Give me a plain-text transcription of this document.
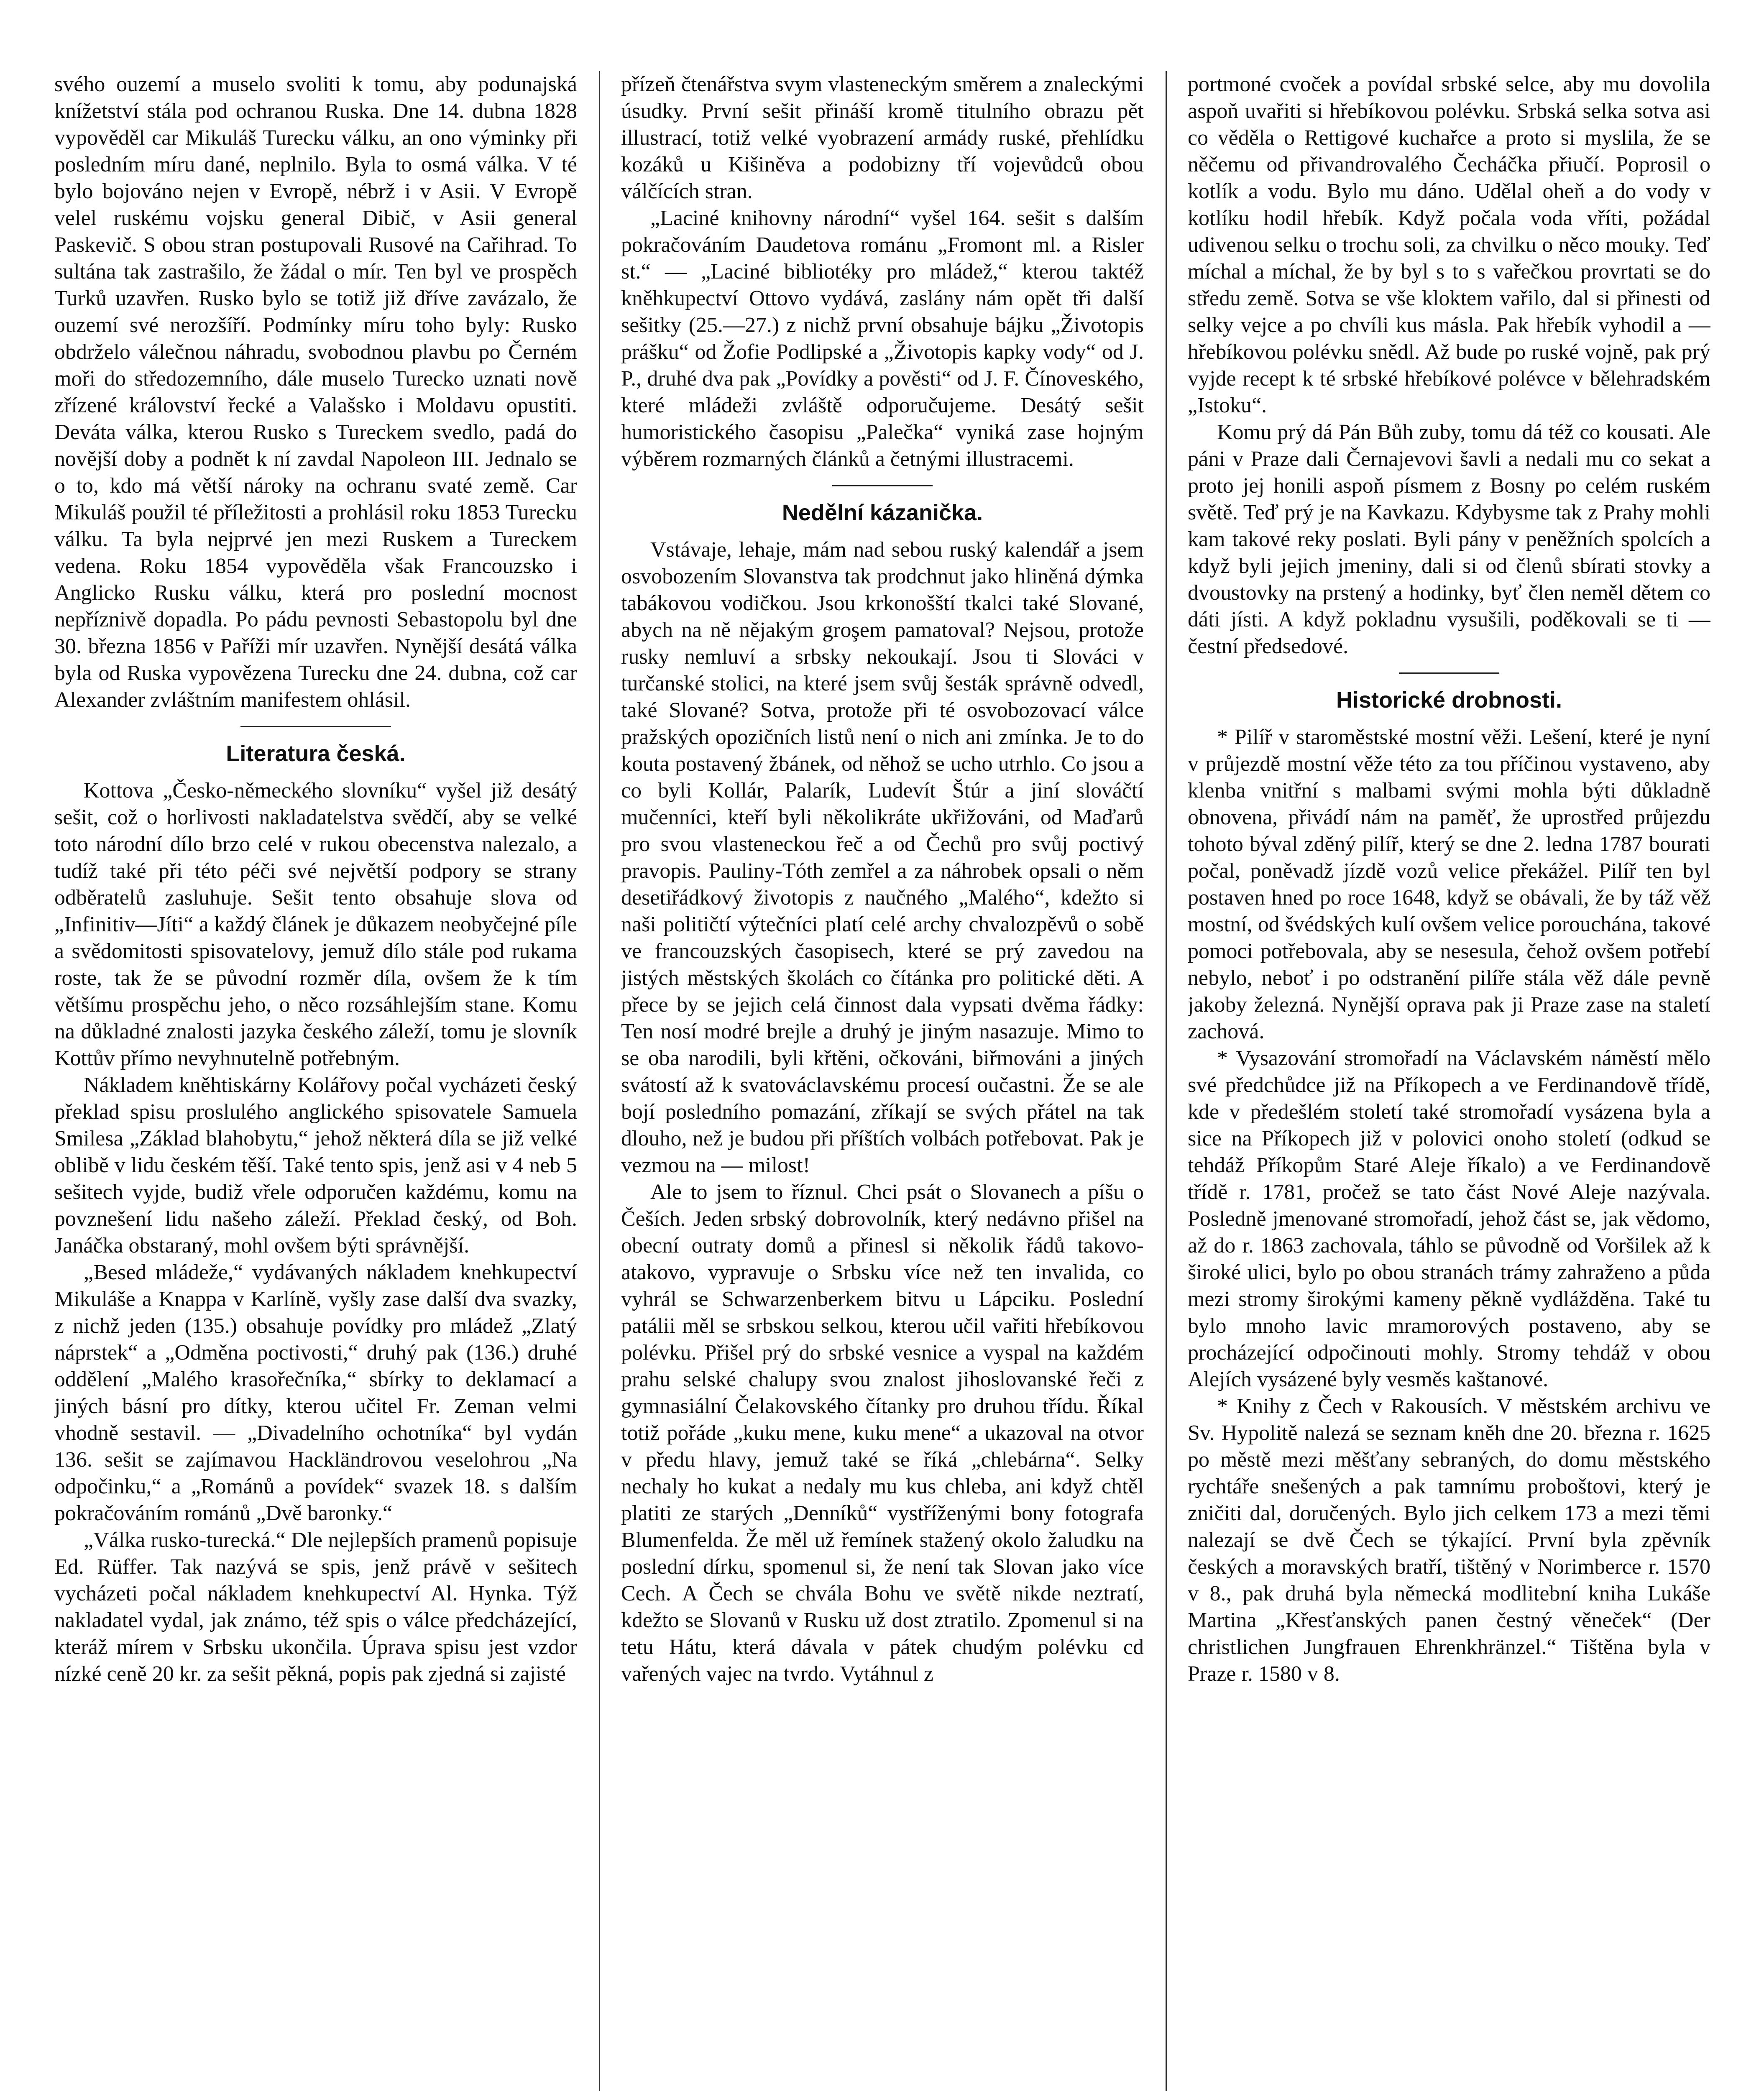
svého ouzemí a muselo svoliti k tomu, aby podunajská knížetství stála pod ochranou Ruska. Dne 14. dubna 1828 vypověděl car Mikuláš Turecku válku, an ono výminky při posledním míru dané, neplnilo. Byla to osmá válka. V té bylo bojováno nejen v Evropě, nébrž i v Asii. V Evropě velel ruskému vojsku general Dibič, v Asii general Paskevič. S obou stran postupovali Rusové na Cařihrad. To sultána tak zastrašilo, že žádal o mír. Ten byl ve prospěch Turků uzavřen. Rusko bylo se totiž již dříve zavázalo, že ouzemí své nerozšíří. Podmínky míru toho byly: Rusko obdrželo válečnou náhradu, svobodnou plavbu po Černém moři do středozemního, dále muselo Turecko uznati nově zřízené království řecké a Valašsko i Moldavu opustiti. Deváta válka, kterou Rusko s Tureckem svedlo, padá do novější doby a podnět k ní zavdal Napoleon III. Jednalo se o to, kdo má větší nároky na ochranu svaté země. Car Mikuláš použil té příležitosti a prohlásil roku 1853 Turecku válku. Ta byla nejprvé jen mezi Ruskem a Tureckem vedena. Roku 1854 vypověděla však Francouzsko i Anglicko Rusku válku, která pro poslední mocnost nepříznivě dopadla. Po pádu pevnosti Sebastopolu byl dne 30. března 1856 v Paříži mír uzavřen. Nynější desátá válka byla od Ruska vypovězena Turecku dne 24. dubna, což car Alexander zvláštním manifestem ohlásil.

Literatura česká.

Kottova „Česko-německého slovníku“ vyšel již desátý sešit, což o horlivosti nakladatelstva svědčí, aby se velké toto národní dílo brzo celé v rukou obecenstva nalezalo, a tudíž také při této péči své největší podpory se strany odběratelů zasluhuje. Sešit tento obsahuje slova od „Infinitiv—Jíti“ a každý článek je důkazem neobyčejné píle a svědomitosti spisovatelovy, jemuž dílo stále pod rukama roste, tak že se původní rozměr díla, ovšem že k tím většímu prospěchu jeho, o něco rozsáhlejším stane. Komu na důkladné znalosti jazyka českého záleží, tomu je slovník Kottův přímo nevyhnutelně potřebným.

Nákladem kněhtiskárny Kolářovy počal vycházeti český překlad spisu proslulého anglického spisovatele Samuela Smilesa „Základ blahobytu,“ jehož některá díla se již velké oblibě v lidu českém těší. Také tento spis, jenž asi v 4 neb 5 sešitech vyjde, budiž vřele odporučen každému, komu na povznešení lidu našeho záleží. Překlad český, od Boh. Janáčka obstaraný, mohl ovšem býti správnější.

„Besed mládeže,“ vydávaných nákladem knehkupectví Mikuláše a Knappa v Karlíně, vyšly zase další dva svazky, z nichž jeden (135.) obsahuje povídky pro mládež „Zlatý náprstek“ a „Odměna poctivosti,“ druhý pak (136.) druhé oddělení „Malého krasořečníka,“ sbírky to deklamací a jiných básní pro dítky, kterou učitel Fr. Zeman velmi vhodně sestavil. — „Divadelního ochotníka“ byl vydán 136. sešit se zajímavou Hackländrovou veselohrou „Na odpočinku,“ a „Románů a povídek“ svazek 18. s dalším pokračováním románů „Dvě baronky.“

„Válka rusko-turecká.“ Dle nejlepších pramenů popisuje Ed. Rüffer. Tak nazývá se spis, jenž právě v sešitech vycházeti počal nákladem knehkupectví Al. Hynka. Týž nakladatel vydal, jak známo, též spis o válce předcházející, kteráž mírem v Srbsku ukončila. Úprava spisu jest vzdor nízké ceně 20 kr. za sešit pěkná, popis pak zjedná si zajisté

přízeň čtenářstva svym vlasteneckým směrem a znaleckými úsudky. První sešit přináší kromě titulního obrazu pět illustrací, totiž velké vyobrazení armády ruské, přehlídku kozáků u Kišiněva a podobizny tří vojevůdců obou válčících stran.

„Laciné knihovny národní“ vyšel 164. sešit s dalším pokračováním Daudetova románu „Fromont ml. a Risler st.“ — „Laciné bibliotéky pro mládež,“ kterou taktéž kněhkupectví Ottovo vydává, zaslány nám opět tři další sešitky (25.—27.) z nichž první obsahuje bájku „Životopis prášku“ od Žofie Podlipské a „Životopis kapky vody“ od J. P., druhé dva pak „Povídky a pověsti“ od J. F. Čínoveského, které mládeži zvláště odporučujeme. Desátý sešit humoristického časopisu „Palečka“ vyniká zase hojným výběrem rozmarných článků a četnými illustracemi.

Nedělní kázanička.

Vstávaje, lehaje, mám nad sebou ruský kalendář a jsem osvobozením Slovanstva tak prodchnut jako hliněná dýmka tabákovou vodičkou. Jsou krkonošští tkalci také Slované, abych na ně nějakým groşem pamatoval? Nejsou, protože rusky nemluví a srbsky nekoukají. Jsou ti Slováci v turčanské stolici, na které jsem svůj šesták správně odvedl, také Slované? Sotva, protože při té osvobozovací válce pražských opozičních listů není o nich ani zmínka. Je to do kouta postavený žbánek, od něhož se ucho utrhlo. Co jsou a co byli Kollár, Palarík, Ludevít Štúr a jiní slováčtí mučenníci, kteří byli několikráte ukřižováni, od Maďarů pro svou vlasteneckou řeč a od Čechů pro svůj poctivý pravopis. Pauliny-Tóth zemřel a za náhrobek opsali o něm desetiřádkový životopis z naučného „Malého“, kdežto si naši političtí výtečníci platí celé archy chvalozpěvů o sobě ve francouzských časopisech, které se prý zavedou na jistých městských školách co čítánka pro politické děti. A přece by se jejich celá činnost dala vypsati dvěma řádky: Ten nosí modré brejle a druhý je jiným nasazuje. Mimo to se oba narodili, byli křtěni, očkováni, biřmováni a jiných svátostí až k svatováclavskému procesí oučastni. Že se ale bojí posledního pomazání, zříkají se svých přátel na tak dlouho, než je budou při příštích volbách potřebovat. Pak je vezmou na — milost!

Ale to jsem to říznul. Chci psát o Slovanech a píšu o Češích. Jeden srbský dobrovolník, který nedávno přišel na obecní outraty domů a přinesl si několik řádů takovo-atakovo, vypravuje o Srbsku více než ten invalida, co vyhrál se Schwarzenberkem bitvu u Lápciku. Poslední patálii měl se srbskou selkou, kterou učil vařiti hřebíkovou polévku. Přišel prý do srbské vesnice a vyspal na každém prahu selské chalupy svou znalost jihoslovanské řeči z gymnasiální Čelakovského čítanky pro druhou třídu. Říkal totiž pořáde „kuku mene, kuku mene“ a ukazoval na otvor v předu hlavy, jemuž také se říká „chlebárna“. Selky nechaly ho kukat a nedaly mu kus chleba, ani když chtěl platiti ze starých „Denníků“ vystříženými bony fotografa Blumenfelda. Že měl už řemínek stažený okolo žaludku na poslední dírku, spomenul si, že není tak Slovan jako více Cech. A Čech se chvála Bohu ve světě nikde neztratí, kdežto se Slovanů v Rusku už dost ztratilo. Zpomenul si na tetu Hátu, která dávala v pátek chudým polévku cd vařených vajec na tvrdo. Vytáhnul z

portmoné cvoček a povídal srbské selce, aby mu dovolila aspoň uvařiti si hřebíkovou polévku. Srbská selka sotva asi co věděla o Rettigové kuchařce a proto si myslila, že se něčemu od přivandrovalého Čecháčka přiučí. Poprosil o kotlík a vodu. Bylo mu dáno. Udělal oheň a do vody v kotlíku hodil hřebík. Když počala voda vříti, požádal udivenou selku o trochu soli, za chvilku o něco mouky. Teď míchal a míchal, že by byl s to s vařečkou provrtati se do středu země. Sotva se vše kloktem vařilo, dal si přinesti od selky vejce a po chvíli kus másla. Pak hřebík vyhodil a — hřebíkovou polévku snědl. Až bude po ruské vojně, pak prý vyjde recept k té srbské hřebíkové polévce v bělehradském „Istoku“.

Komu prý dá Pán Bůh zuby, tomu dá též co kousati. Ale páni v Praze dali Černajevovi šavli a nedali mu co sekat a proto jej honili aspoň písmem z Bosny po celém ruském světě. Teď prý je na Kavkazu. Kdybysme tak z Prahy mohli kam takové reky poslati. Byli pány v peněžních spolcích a když byli jejich jmeniny, dali si od členů sbírati stovky a dvoustovky na prstený a hodinky, byť člen neměl dětem co dáti jísti. A když pokladnu vysušili, poděkovali se ti — čestní předsedové.

Historické drobnosti.

* Pilíř v staroměstské mostní věži. Lešení, které je nyní v průjezdě mostní věže této za tou příčinou vystaveno, aby klenba vnitřní s malbami svými mohla býti důkladně obnovena, přivádí nám na paměť, že uprostřed průjezdu tohoto býval zděný pilíř, který se dne 2. ledna 1787 bourati počal, poněvadž jízdě vozů velice překážel. Pilíř ten byl postaven hned po roce 1648, když se obávali, že by táž věž mostní, od švédských kulí ovšem velice porouchána, takové pomoci potřebovala, aby se nesesula, čehož ovšem potřebí nebylo, neboť i po odstranění pilíře stála věž dále pevně jakoby železná. Nynější oprava pak ji Praze zase na staletí zachová.

* Vysazování stromořadí na Václavském náměstí mělo své předchůdce již na Příkopech a ve Ferdinandově třídě, kde v předešlém století také stromořadí vysázena byla a sice na Příkopech již v polovici onoho století (odkud se tehdáž Příkopům Staré Aleje říkalo) a ve Ferdinandově třídě r. 1781, pročež se tato část Nové Aleje nazývala. Posledně jmenované stromořadí, jehož část se, jak vědomo, až do r. 1863 zachovala, táhlo se původně od Voršilek až k široké ulici, bylo po obou stranách trámy zahraženo a půda mezi stromy širokými kameny pěkně vydlážděna. Také tu bylo mnoho lavic mramorových postaveno, aby se procházející odpočinouti mohly. Stromy tehdáž v obou Alejích vysázené byly vesměs kaštanové.

* Knihy z Čech v Rakousích. V městském archivu ve Sv. Hypolitě nalezá se seznam kněh dne 20. března r. 1625 po městě mezi měšťany sebraných, do domu městského rychtáře snešených a pak tamnímu proboštovi, který je zničiti dal, doručených. Bylo jich celkem 173 a mezi těmi nalezají se dvě Čech se týkající. První byla zpěvník českých a moravských bratří, tištěný v Norimberce r. 1570 v 8., pak druhá byla německá modlitební kniha Lukáše Martina „Křesťanských panen čestný věneček“ (Der christlichen Jungfrauen Ehrenkhränzel.“ Tištěna byla v Praze r. 1580 v 8.
